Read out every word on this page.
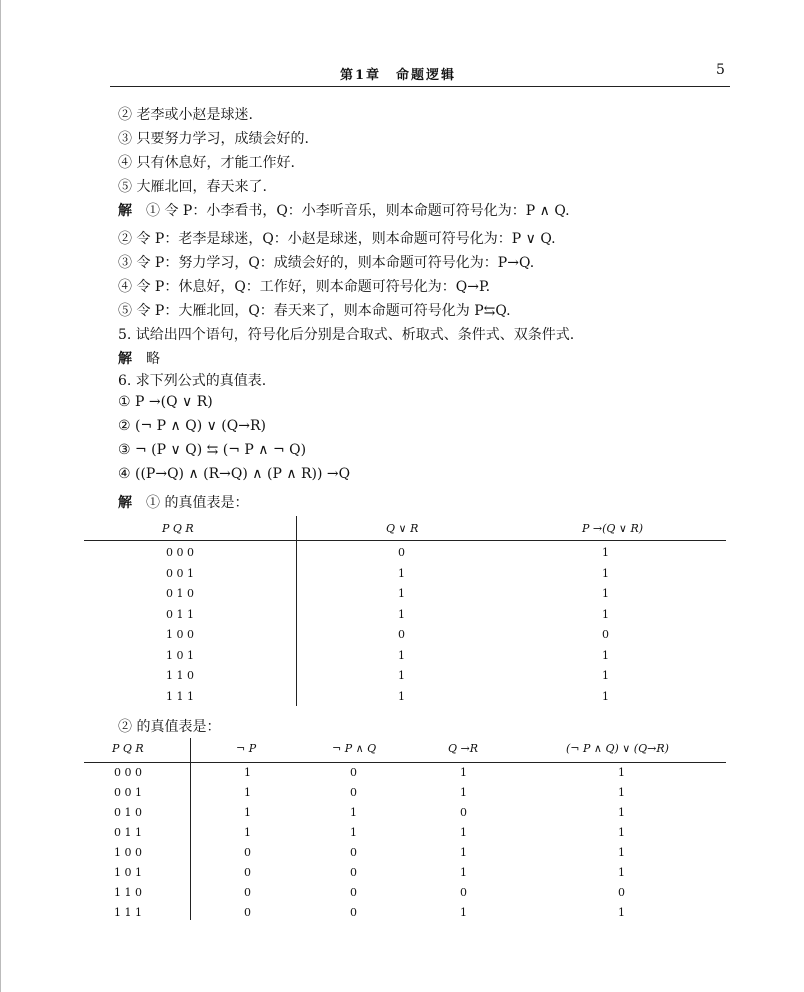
第1章　命题逻辑	5
② 老李或小赵是球迷.
③ 只要努力学习，成绩会好的.
④ 只有休息好，才能工作好.
⑤ 大雁北回，春天来了.
解 ① 令 P：小李看书，Q：小李听音乐，则本命题可符号化为：P ∧ Q.
② 令 P：老李是球迷，Q：小赵是球迷，则本命题可符号化为：P ∨ Q.
③ 令 P：努力学习，Q：成绩会好的，则本命题可符号化为：P→Q.
④ 令 P：休息好，Q：工作好，则本命题可符号化为：Q→P.
⑤ 令 P：大雁北回，Q：春天来了，则本命题可符号化为 P⇆Q.
5. 试给出四个语句，符号化后分别是合取式、析取式、条件式、双条件式.
解 略
6. 求下列公式的真值表.
① P →(Q ∨ R)
② (¬ P ∧ Q) ∨ (Q→R)
③ ¬ (P ∨ Q) ⇆ (¬ P ∧ ¬ Q)
④ ((P→Q) ∧ (R→Q) ∧ (P ∧ R)) →Q
解 ① 的真值表是：
P Q R	Q ∨ R	P →(Q ∨ R)
0 0 0	0	1
0 0 1	1	1
0 1 0	1	1
0 1 1	1	1
1 0 0	0	0
1 0 1	1	1
1 1 0	1	1
1 1 1	1	1
② 的真值表是：
P Q R	¬ P	¬ P ∧ Q	Q →R	(¬ P ∧ Q) ∨ (Q→R)
0 0 0	1	0	1	1
0 0 1	1	0	1	1
0 1 0	1	1	0	1
0 1 1	1	1	1	1
1 0 0	0	0	1	1
1 0 1	0	0	1	1
1 1 0	0	0	0	0
1 1 1	0	0	1	1
